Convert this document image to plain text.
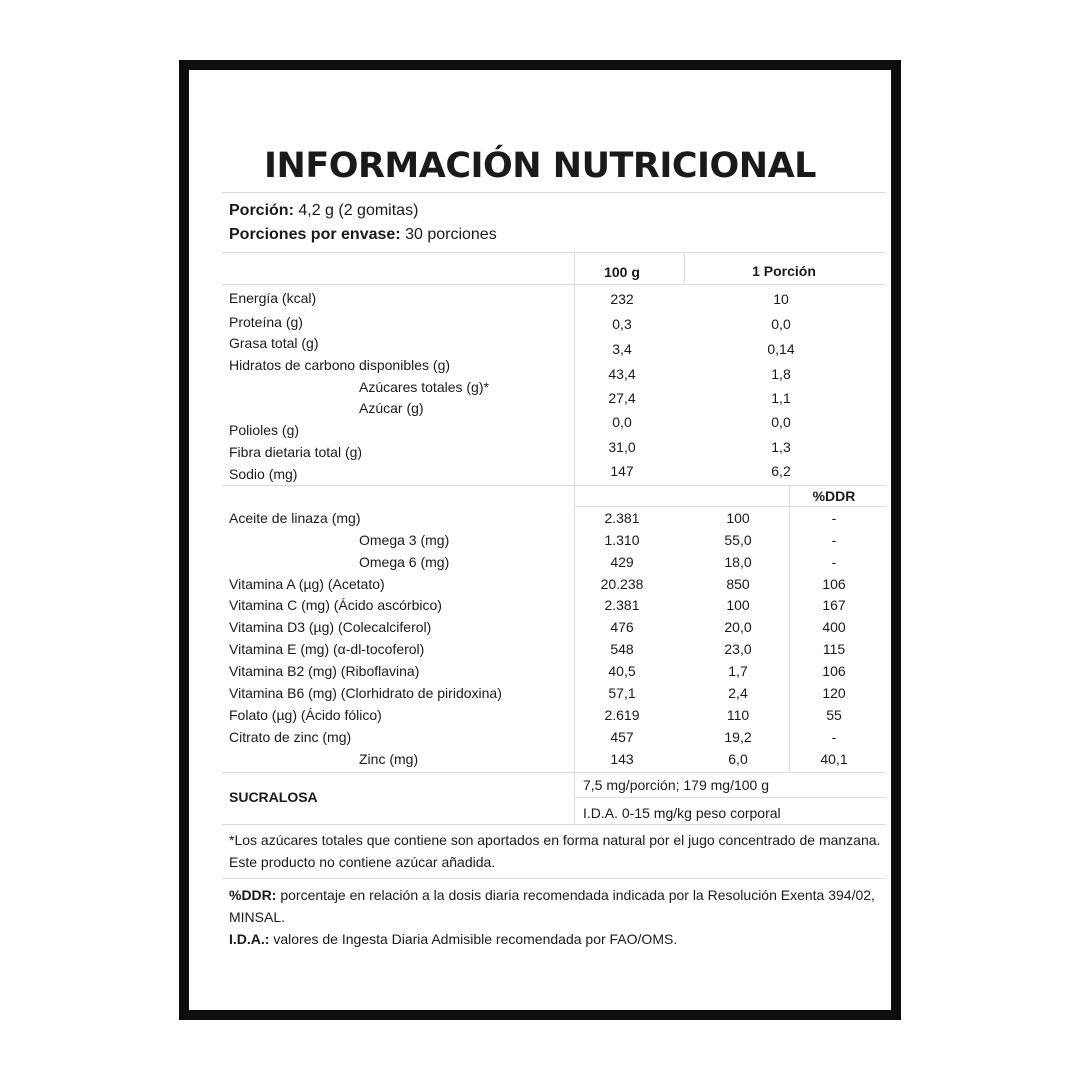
INFORMACIÓN NUTRICIONAL
Porción: 4,2 g (2 gomitas)
Porciones por envase: 30 porciones
100 g	1 Porción
%DDR
Energía (kcal)
Proteína (g)
Grasa total (g)
Hidratos de carbono disponibles (g)
Azúcares totales (g)*
Azúcar (g)
Polioles (g)
Fibra dietaria total (g)
Sodio (mg)
232
0,3
3,4
43,4
27,4
0,0
31,0
147
10
0,0
0,14
1,8
1,1
0,0
1,3
6,2
Aceite de linaza (mg)
Omega 3 (mg)
Omega 6 (mg)
Vitamina A (µg) (Acetato)
Vitamina C (mg) (Ácido ascórbico)
Vitamina D3 (µg) (Colecalciferol)
Vitamina E (mg) (α-dl-tocoferol)
Vitamina B2 (mg) (Riboflavina)
Vitamina B6 (mg) (Clorhidrato de piridoxina)
Folato (µg) (Ácido fólico)
Citrato de zinc (mg)
Zinc (mg)
2.381
1.310
429
20.238
2.381
476
548
40,5
57,1
2.619
457
143
100
55,0
18,0
850
100
20,0
23,0
1,7
2,4
110
19,2
6,0
-
-
-
106
167
400
115
106
120
55
-
40,1
SUCRALOSA
7,5 mg/porción; 179 mg/100 g
I.D.A. 0-15 mg/kg peso corporal
*Los azúcares totales que contiene son aportados en forma natural por el jugo concentrado de manzana. Este producto no contiene azúcar añadida.
%DDR: porcentaje en relación a la dosis diaria recomendada indicada por la Resolución Exenta 394/02, MINSAL.
I.D.A.: valores de Ingesta Diaria Admisible recomendada por FAO/OMS.
